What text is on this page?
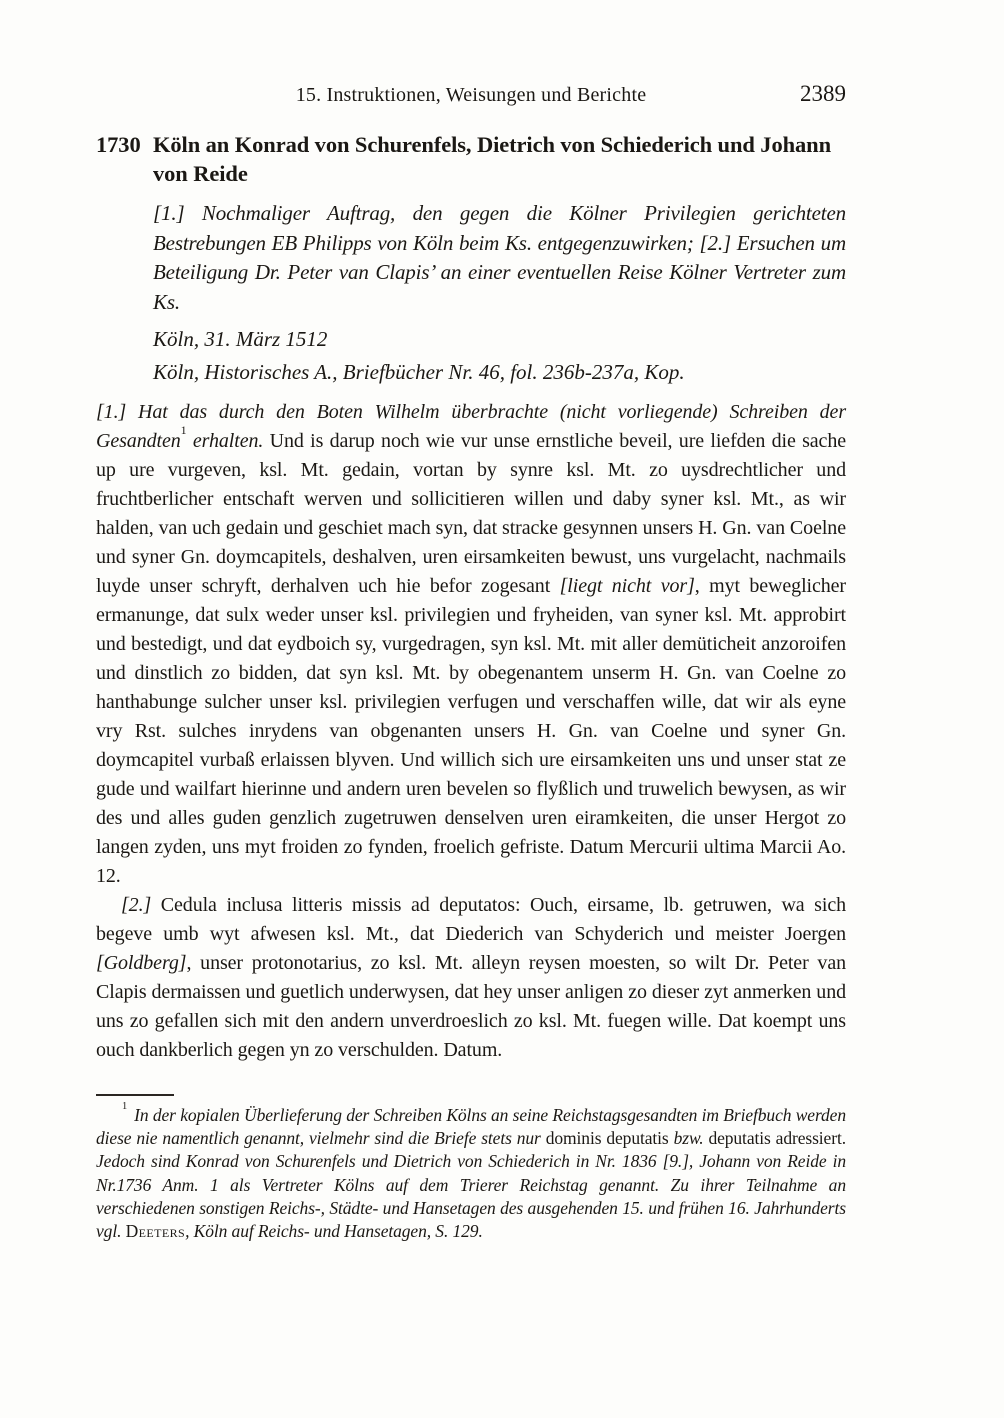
15. Instruktionen, Weisungen und Berichte	2389
1730 Köln an Konrad von Schurenfels, Dietrich von Schiederich und Johann von Reide

[1.] Nochmaliger Auftrag, den gegen die Kölner Privilegien gerichteten Bestrebungen EB Philipps von Köln beim Ks. entgegenzuwirken; [2.] Ersuchen um Beteiligung Dr. Peter van Clapis’ an einer eventuellen Reise Kölner Vertreter zum Ks.

Köln, 31. März 1512

Köln, Historisches A., Briefbücher Nr. 46, fol. 236b-237a, Kop.

[1.] Hat das durch den Boten Wilhelm überbrachte (nicht vorliegende) Schreiben der Gesandten$^1$ erhalten. Und is darup noch wie vur unse ernstliche beveil, ure liefden die sache up ure vurgeven, ksl. Mt. gedain, vortan by synre ksl. Mt. zo uysdrechtlicher und fruchtberlicher entschaft werven und sollicitieren willen und daby syner ksl. Mt., as wir halden, van uch gedain und geschiet mach syn, dat stracke gesynnen unsers H. Gn. van Coelne und syner Gn. doymcapitels, deshalven, uren eirsamkeiten bewust, uns vurgelacht, nachmails luyde unser schryft, derhalven uch hie befor zogesant [liegt nicht vor], myt beweglicher ermanunge, dat sulx weder unser ksl. privilegien und fryheiden, van syner ksl. Mt. approbirt und bestedigt, und dat eydboich sy, vurgedragen, syn ksl. Mt. mit aller demüticheit anzoroifen und dinstlich zo bidden, dat syn ksl. Mt. by obegenantem unserm H. Gn. van Coelne zo hanthabunge sulcher unser ksl. privilegien verfugen und verschaffen wille, dat wir als eyne vry Rst. sulches inrydens van obgenanten unsers H. Gn. van Coelne und syner Gn. doymcapitel vurbaß erlaissen blyven. Und willich sich ure eirsamkeiten uns und unser stat ze gude und wailfart hierinne und andern uren bevelen so flyßlich und truwelich bewysen, as wir des und alles guden genzlich zugetruwen denselven uren eiramkeiten, die unser Hergot zo langen zyden, uns myt froiden zo fynden, froelich gefriste. Datum Mercurii ultima Marcii Ao. 12.

[2.] Cedula inclusa litteris missis ad deputatos: Ouch, eirsame, lb. getruwen, wa sich begeve umb wyt afwesen ksl. Mt., dat Diederich van Schyderich und meister Joergen [Goldberg], unser protonotarius, zo ksl. Mt. alleyn reysen moesten, so wilt Dr. Peter van Clapis dermaissen und guetlich underwysen, dat hey unser anligen zo dieser zyt anmerken und uns zo gefallen sich mit den andern unverdroeslich zo ksl. Mt. fuegen wille. Dat koempt uns ouch dankberlich gegen yn zo verschulden. Datum.

$^1$ In der kopialen Überlieferung der Schreiben Kölns an seine Reichstagsgesandten im Briefbuch werden diese nie namentlich genannt, vielmehr sind die Briefe stets nur dominis deputatis bzw. deputatis adressiert. Jedoch sind Konrad von Schurenfels und Dietrich von Schiederich in Nr. 1836 [9.], Johann von Reide in Nr.1736 Anm. 1 als Vertreter Kölns auf dem Trierer Reichstag genannt. Zu ihrer Teilnahme an verschiedenen sonstigen Reichs-, Städte- und Hansetagen des ausgehenden 15. und frühen 16. Jahrhunderts vgl. Deeters, Köln auf Reichs- und Hansetagen, S. 129.
